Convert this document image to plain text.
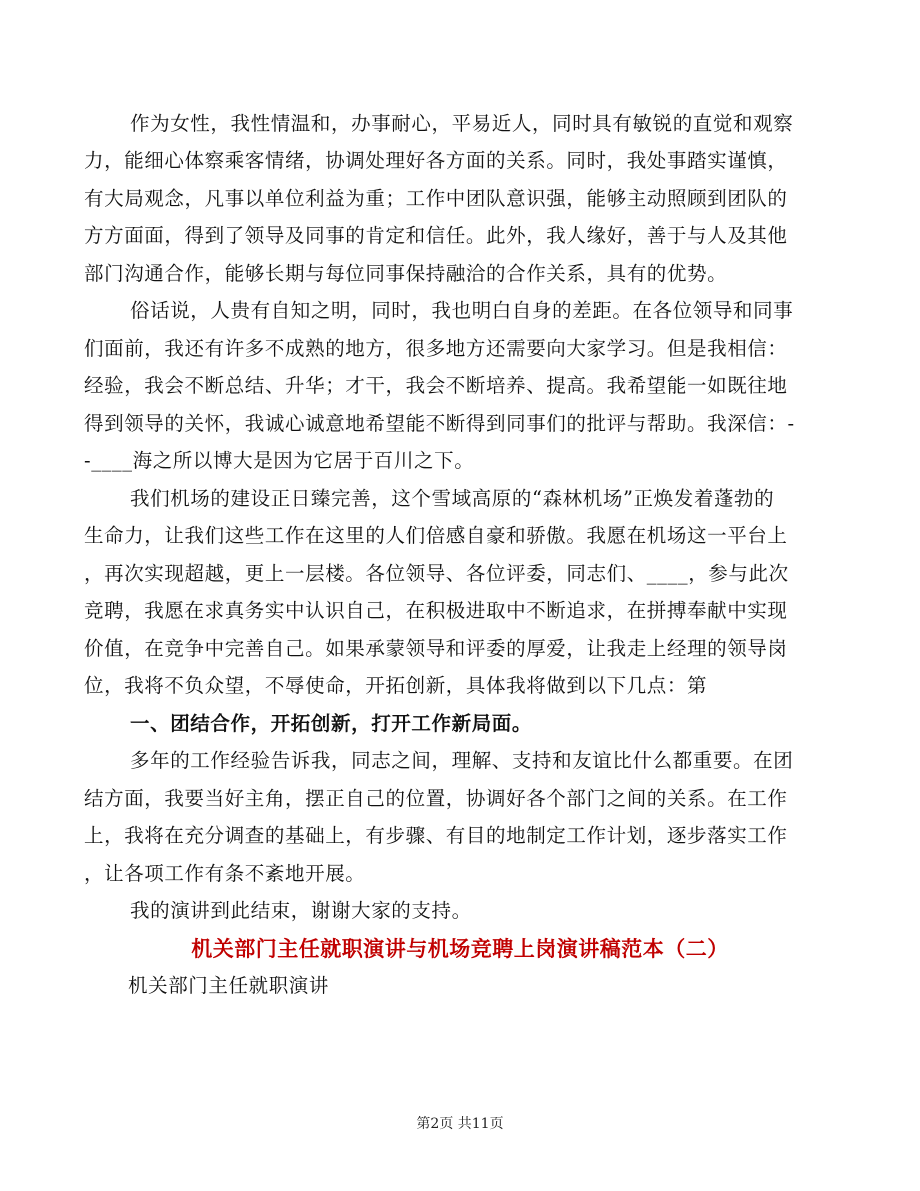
作为女性，我性情温和，办事耐心，平易近人，同时具有敏锐的直觉和观察
力，能细心体察乘客情绪，协调处理好各方面的关系。同时，我处事踏实谨慎，
有大局观念，凡事以单位利益为重；工作中团队意识强，能够主动照顾到团队的
方方面面，得到了领导及同事的肯定和信任。此外，我人缘好，善于与人及其他
部门沟通合作，能够长期与每位同事保持融洽的合作关系，具有的优势。
俗话说，人贵有自知之明，同时，我也明白自身的差距。在各位领导和同事
们面前，我还有许多不成熟的地方，很多地方还需要向大家学习。但是我相信：
经验，我会不断总结、升华；才干，我会不断培养、提高。我希望能一如既往地
得到领导的关怀，我诚心诚意地希望能不断得到同事们的批评与帮助。我深信：-
-____海之所以博大是因为它居于百川之下。
我们机场的建设正日臻完善，这个雪域高原的“森林机场”正焕发着蓬勃的
生命力，让我们这些工作在这里的人们倍感自豪和骄傲。我愿在机场这一平台上
，再次实现超越，更上一层楼。各位领导、各位评委，同志们、____，参与此次
竞聘，我愿在求真务实中认识自己，在积极进取中不断追求，在拼搏奉献中实现
价值，在竞争中完善自己。如果承蒙领导和评委的厚爱，让我走上经理的领导岗
位，我将不负众望，不辱使命，开拓创新，具体我将做到以下几点：第
一、团结合作，开拓创新，打开工作新局面。
多年的工作经验告诉我，同志之间，理解、支持和友谊比什么都重要。在团
结方面，我要当好主角，摆正自己的位置，协调好各个部门之间的关系。在工作
上，我将在充分调查的基础上，有步骤、有目的地制定工作计划，逐步落实工作
，让各项工作有条不紊地开展。
我的演讲到此结束，谢谢大家的支持。
机关部门主任就职演讲与机场竞聘上岗演讲稿范本（二）
机关部门主任就职演讲
第2页 共11页
